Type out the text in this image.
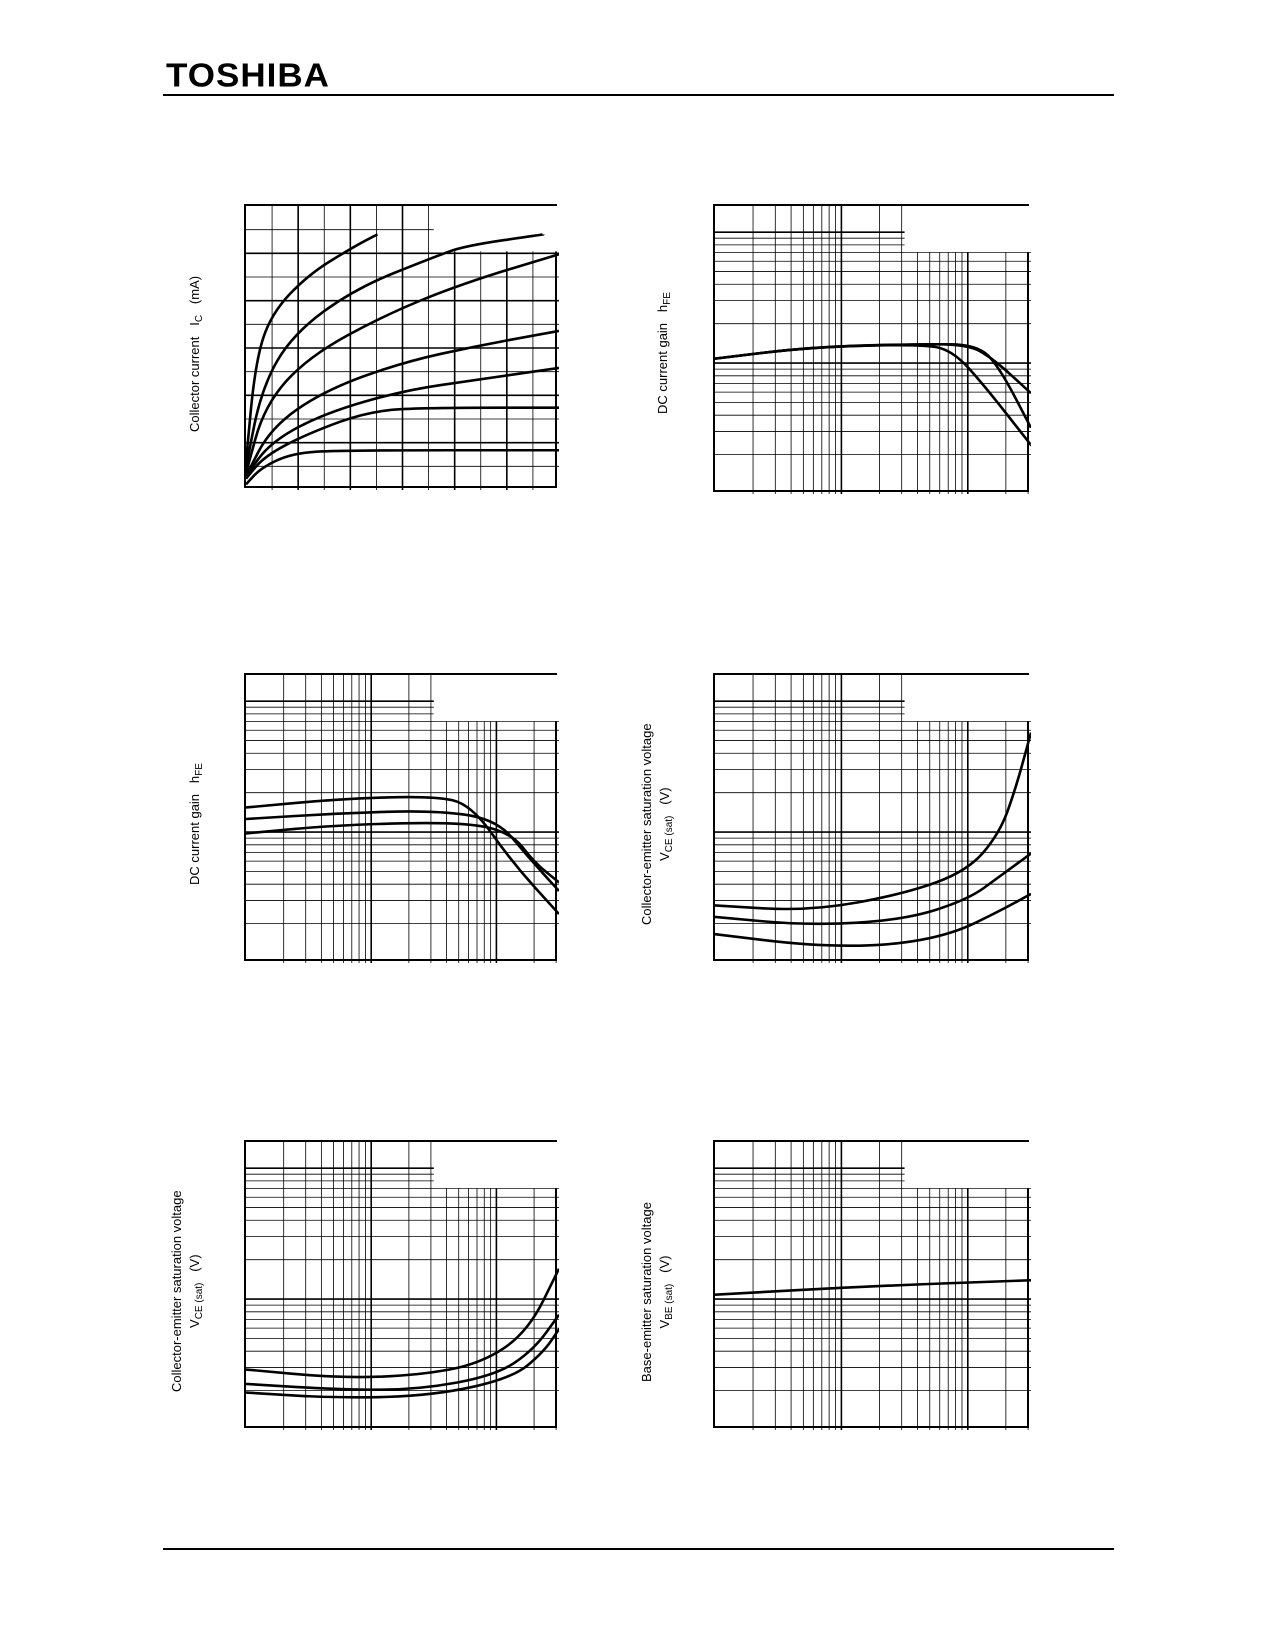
TOSHIBA
Collector current   $I_C$   (mA)
DC current gain   $h_{FE}$
DC current gain   $h_{FE}$	Collector-emitter saturation voltage $V_{CE (sat)}$   (V)
Collector-emitter saturation voltage $V_{CE (sat)}$   (V)	Base-emitter saturation voltage $V_{BE (sat)}$   (V)
